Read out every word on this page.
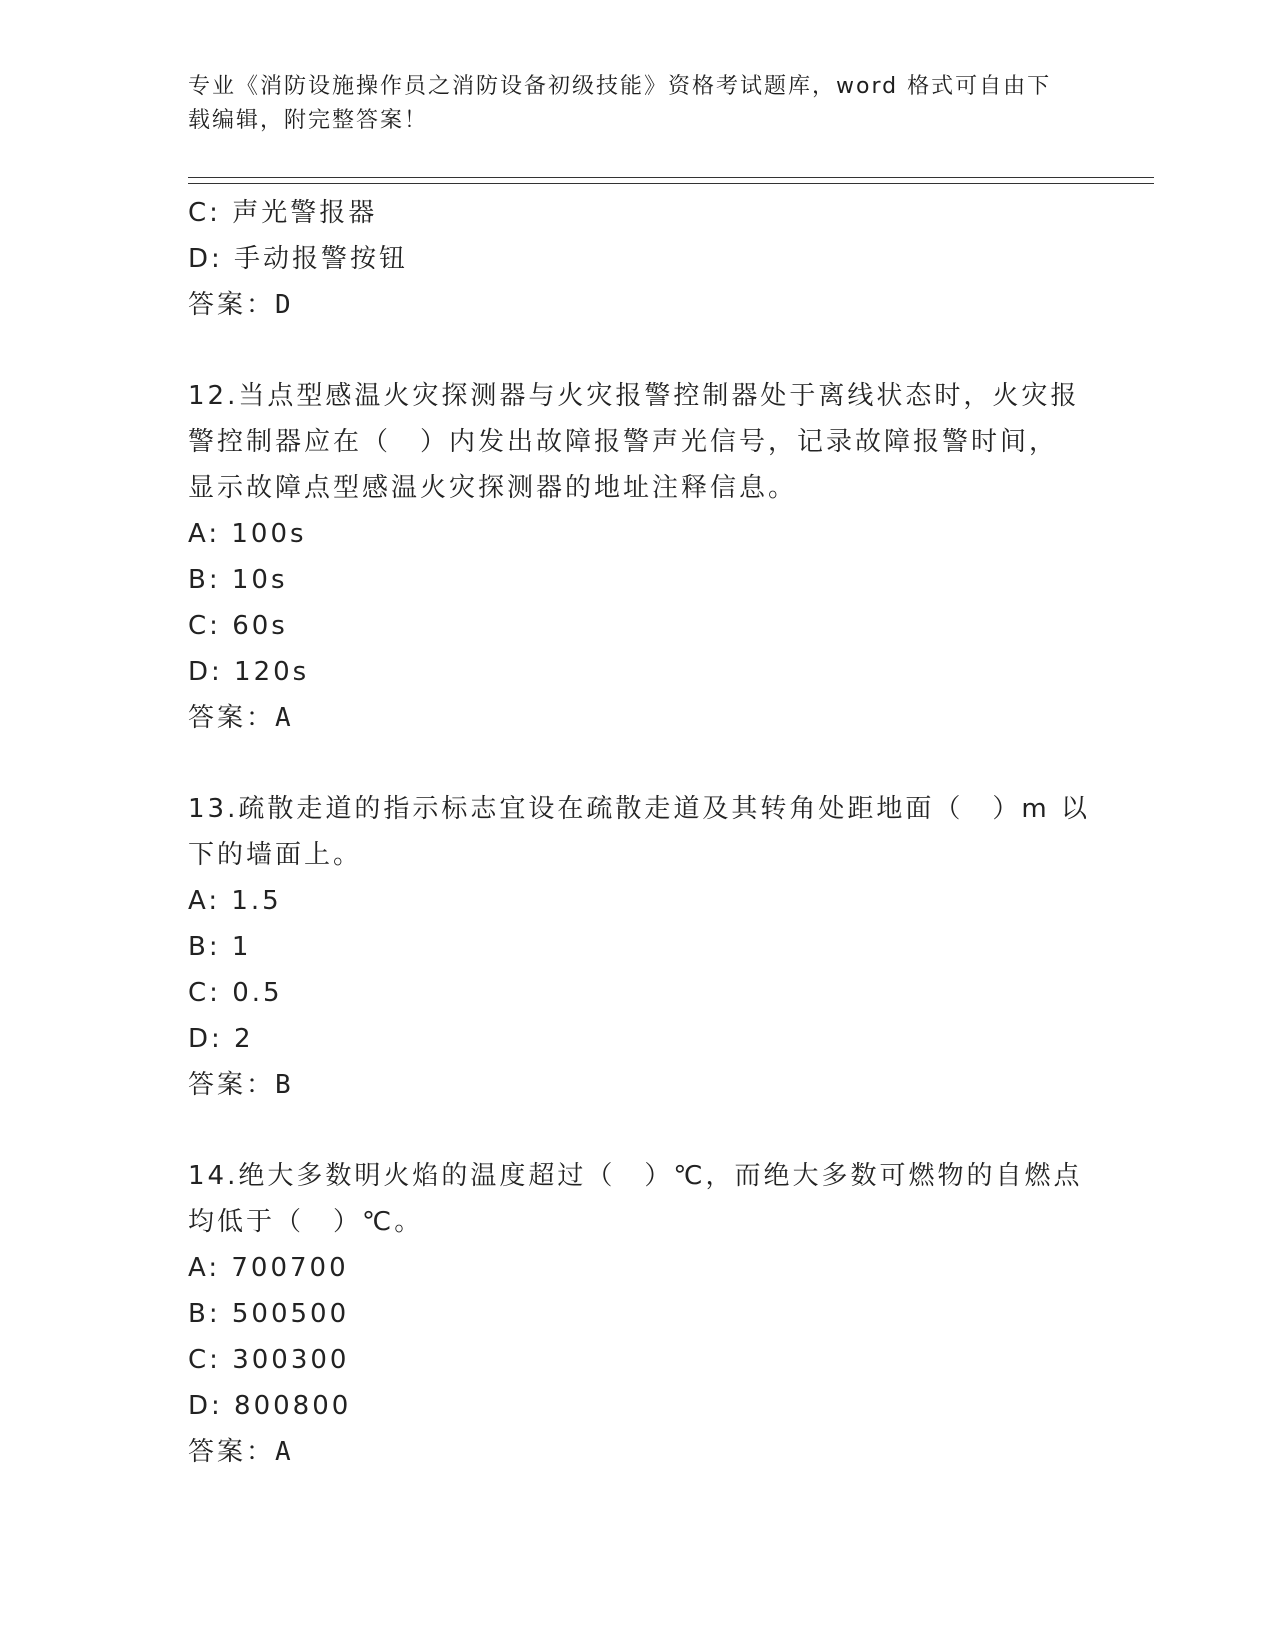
专业《消防设施操作员之消防设备初级技能》资格考试题库，word 格式可自由下
载编辑，附完整答案！
C: 声光警报器
D: 手动报警按钮
答案：D
12.当点型感温火灾探测器与火灾报警控制器处于离线状态时，火灾报
警控制器应在（　）内发出故障报警声光信号，记录故障报警时间，
显示故障点型感温火灾探测器的地址注释信息。
A: 100s
B: 10s
C: 60s
D: 120s
答案：A
13.疏散走道的指示标志宜设在疏散走道及其转角处距地面（　）m 以
下的墙面上。
A: 1.5
B: 1
C: 0.5
D: 2
答案：B
14.绝大多数明火焰的温度超过（　）℃，而绝大多数可燃物的自燃点
均低于（　）℃。
A: 700700
B: 500500
C: 300300
D: 800800
答案：A
